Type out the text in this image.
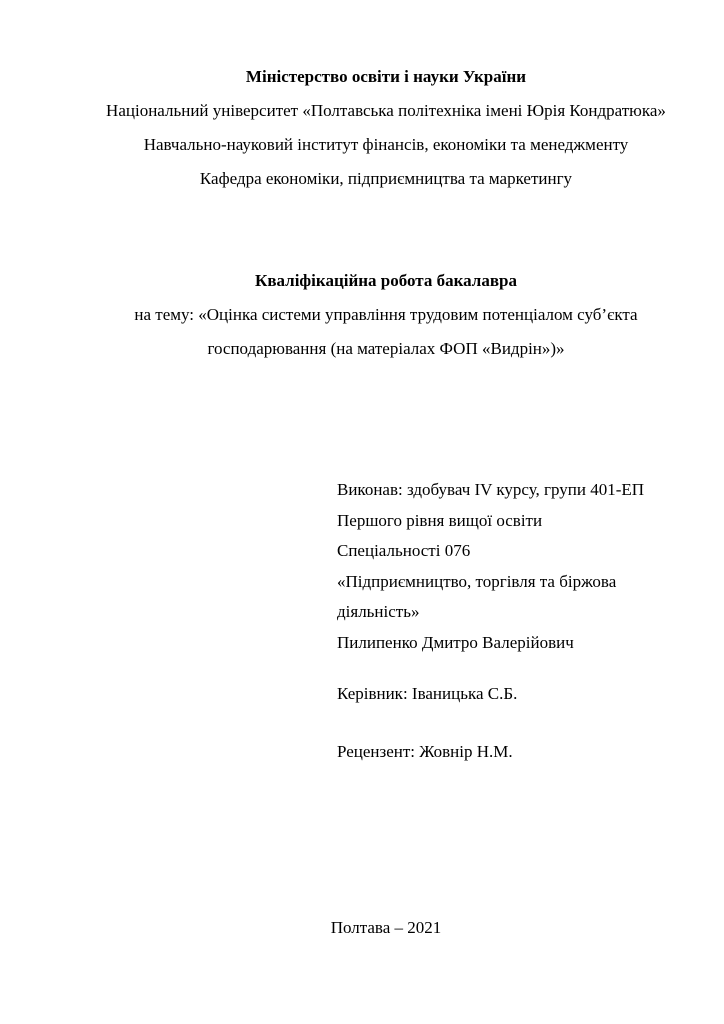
Міністерство освіти і науки України
Національний університет «Полтавська політехніка імені Юрія Кондратюка»
Навчально-науковий інститут фінансів, економіки та менеджменту
Кафедра економіки, підприємництва та маркетингу
Кваліфікаційна робота бакалавра
на тему: «Оцінка системи управління трудовим потенціалом суб’єкта
господарювання (на матеріалах ФОП «Видрін»)»
Виконав: здобувач IV курсу, групи 401-ЕП
Першого рівня вищої освіти
Спеціальності 076
«Підприємництво, торгівля та біржова
діяльність»
Пилипенко Дмитро Валерійович
Керівник: Іваницька С.Б.
Рецензент: Жовнір Н.М.
Полтава – 2021
